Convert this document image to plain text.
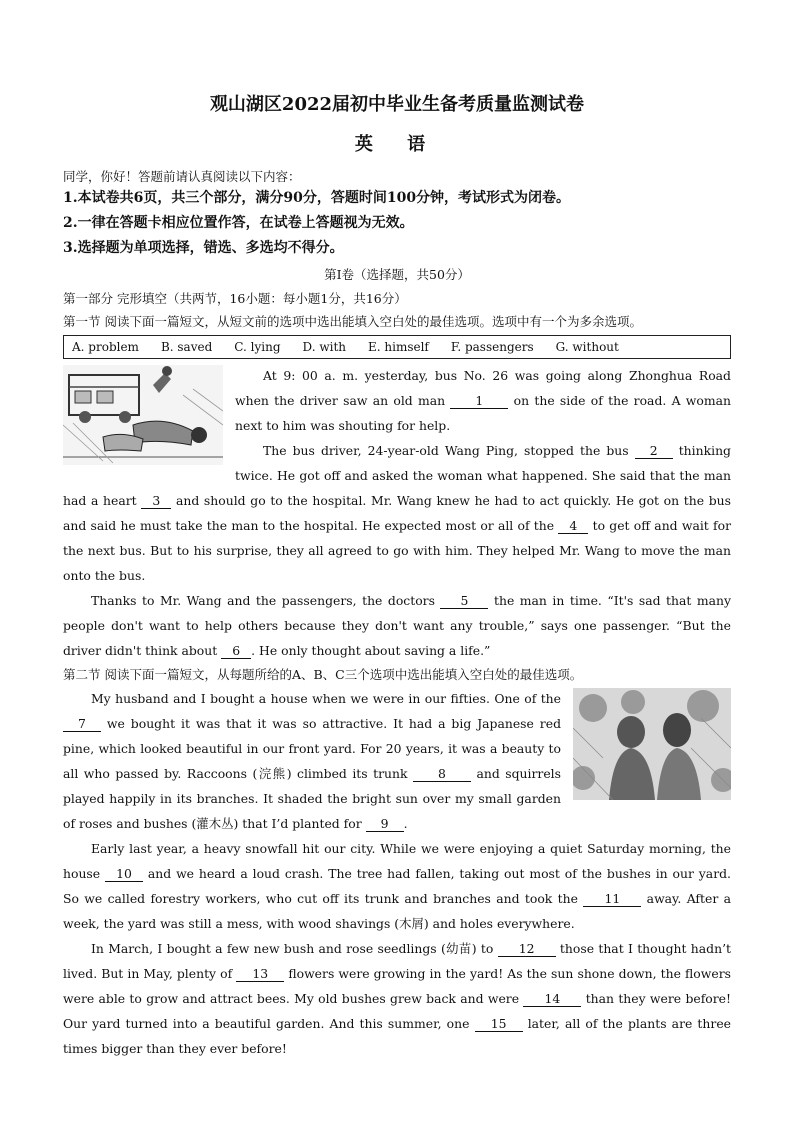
观山湖区2022届初中毕业生备考质量监测试卷
英 语
同学，你好！答题前请认真阅读以下内容：
1.本试卷共6页，共三个部分，满分90分，答题时间100分钟，考试形式为闭卷。
2.一律在答题卡相应位置作答，在试卷上答题视为无效。
3.选择题为单项选择，错选、多选均不得分。
第Ⅰ卷（选择题，共50分）
第一部分 完形填空（共两节，16小题：每小题1分，共16分）
第一节 阅读下面一篇短文，从短文前的选项中选出能填入空白处的最佳选项。选项中有一个为多余选项。
A. problem B. saved C. lying D. with E. himself F. passengers G. without

At 9: 00 a. m. yesterday, bus No. 26 was going along Zhonghua Road when the driver saw an old man 1 on the side of the road. A woman next to him was shouting for help.

The bus driver, 24-year-old Wang Ping, stopped the bus 2 thinking twice. He got off and asked the woman what happened. She said that the man had a heart 3 and should go to the hospital. Mr. Wang knew he had to act quickly. He got on the bus and said he must take the man to the hospital. He expected most or all of the 4 to get off and wait for the next bus. But to his surprise, they all agreed to go with him. They helped Mr. Wang to move the man onto the bus.

Thanks to Mr. Wang and the passengers, the doctors 5 the man in time. “It's sad that many people don't want to help others because they don't want any trouble,” says one passenger. “But the driver didn't think about 6 . He only thought about saving a life.”

第二节 阅读下面一篇短文，从每题所给的A、B、C三个选项中选出能填入空白处的最佳选项。

My husband and I bought a house when we were in our fifties. One of the 7 we bought it was that it was so attractive. It had a big Japanese red pine, which looked beautiful in our front yard. For 20 years, it was a beauty to all who passed by. Raccoons (浣熊) climbed its trunk 8 and squirrels played happily in its branches. It shaded the bright sun over my small garden of roses and bushes (灌木丛) that I’d planted for 9 .

Early last year, a heavy snowfall hit our city. While we were enjoying a quiet Saturday morning, the house 10 and we heard a loud crash. The tree had fallen, taking out most of the bushes in our yard. So we called forestry workers, who cut off its trunk and branches and took the 11 away. After a week, the yard was still a mess, with wood shavings (木屑) and holes everywhere.

In March, I bought a few new bush and rose seedlings (幼苗) to 12 those that I thought hadn’t lived. But in May, plenty of 13 flowers were growing in the yard! As the sun shone down, the flowers were able to grow and attract bees. My old bushes grew back and were 14 than they were before! Our yard turned into a beautiful garden. And this summer, one 15 later, all of the plants are three times bigger than they ever before!
